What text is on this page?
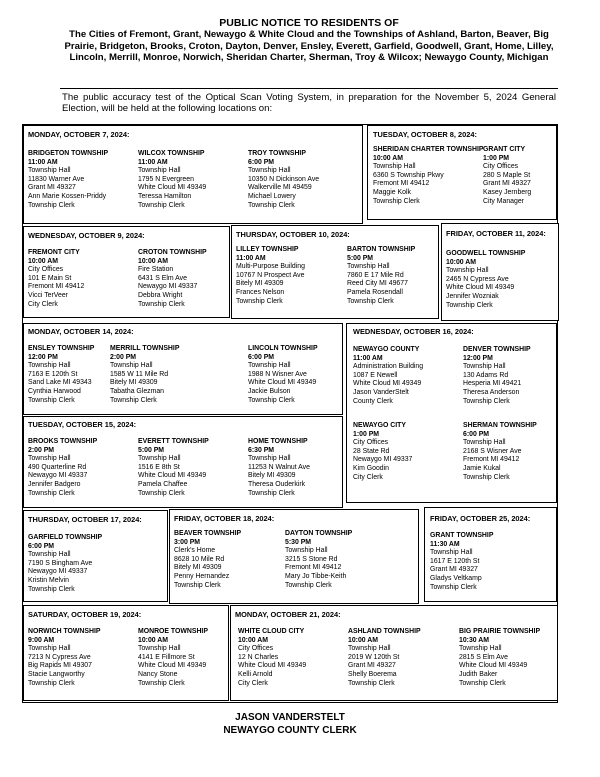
PUBLIC NOTICE TO RESIDENTS OF
The Cities of Fremont, Grant, Newaygo & White Cloud and the Townships of Ashland, Barton, Beaver, Big Prairie, Bridgeton, Brooks, Croton, Dayton, Denver, Ensley, Everett, Garfield, Goodwell, Grant, Home, Lilley, Lincoln, Merrill, Monroe, Norwich, Sheridan Charter, Sherman, Troy & Wilcox; Newaygo County, Michigan
The public accuracy test of the Optical Scan Voting System, in preparation for the November 5, 2024 General Election, will be held at the following locations on:
MONDAY, OCTOBER 7, 2024:
BRIDGETON TOWNSHIP
11:00 AM
Township Hall
11830 Warner Ave
Grant MI 49327
Ann Marie Kossen-Priddy
Township Clerk
WILCOX TOWNSHIP
11:00 AM
Township Hall
1795 N Evergreen
White Cloud MI 49349
Teressa Hamilton
Township Clerk
TROY TOWNSHIP
6:00 PM
Township Hall
10350 N Dickinson Ave
Walkerville MI 49459
Michael Lowery
Township Clerk
TUESDAY, OCTOBER 8, 2024:
SHERIDAN CHARTER TOWNSHIP
10:00 AM
Township Hall
6360 S Township Pkwy
Fremont MI 49412
Maggie Kolk
Township Clerk
GRANT CITY
1:00 PM
City Offices
280 S Maple St
Grant MI 49327
Kasey Jernberg
City Manager
WEDNESDAY, OCTOBER 9, 2024:
FREMONT CITY
10:00 AM
City Offices
101 E Main St
Fremont MI 49412
Vicci TerVeer
City Clerk
CROTON TOWNSHIP
10:00 AM
Fire Station
6431 S Elm Ave
Newaygo MI 49337
Debbra Wright
Township Clerk
THURSDAY, OCTOBER 10, 2024:
LILLEY TOWNSHIP
11:00 AM
Multi-Purpose Building
10767 N Prospect Ave
Bitely MI 49309
Frances Nelson
Township Clerk
BARTON TOWNSHIP
5:00 PM
Township Hall
7860 E 17 Mile Rd
Reed City MI 49677
Pamela Rosendall
Township Clerk
FRIDAY, OCTOBER 11, 2024:
GOODWELL TOWNSHIP
10:00 AM
Township Hall
2465 N Cypress Ave
White Cloud MI 49349
Jennifer Wozniak
Township Clerk
MONDAY, OCTOBER 14, 2024:
ENSLEY TOWNSHIP
12:00 PM
Township Hall
7163 E 120th St
Sand Lake MI 49343
Cynthia Harwood
Township Clerk
MERRILL TOWNSHIP
2:00 PM
Township Hall
1585 W 11 Mile Rd
Bitely MI 49309
Tabatha Glezman
Township Clerk
LINCOLN TOWNSHIP
6:00 PM
Township Hall
1988 N Wisner Ave
White Cloud MI 49349
Jackie Bulson
Township Clerk
WEDNESDAY, OCTOBER 16, 2024:
NEWAYGO COUNTY
11:00 AM
Administration Building
1087 E Newell
White Cloud MI 49349
Jason VanderStelt
County Clerk
DENVER TOWNSHIP
12:00 PM
Township Hall
130 Adams Rd
Hesperia MI 49421
Theresa Anderson
Township Clerk
NEWAYGO CITY
1:00 PM
City Offices
28 State Rd
Newaygo MI 49337
Kim Goodin
City Clerk
SHERMAN TOWNSHIP
6:00 PM
Township Hall
2168 S Wisner Ave
Fremont MI 49412
Jamie Kukal
Township Clerk
TUESDAY, OCTOBER 15, 2024:
BROOKS TOWNSHIP
2:00 PM
Township Hall
490 Quarterline Rd
Newaygo MI 49337
Jennifer Badgero
Township Clerk
EVERETT TOWNSHIP
5:00 PM
Township Hall
1516 E 8th St
White Cloud MI 49349
Pamela Chaffee
Township Clerk
HOME TOWNSHIP
6:30 PM
Township Hall
11253 N Walnut Ave
Bitely MI 49309
Theresa Ouderkirk
Township Clerk
THURSDAY, OCTOBER 17, 2024:
GARFIELD TOWNSHIP
6:00 PM
Township Hall
7190 S Bingham Ave
Newaygo MI 49337
Kristin Melvin
Township Clerk
FRIDAY, OCTOBER 18, 2024:
BEAVER TOWNSHIP
3:00 PM
Clerk's Home
8628 10 Mile Rd
Bitely MI 49309
Penny Hernandez
Township Clerk
DAYTON TOWNSHIP
5:30 PM
Township Hall
3215 S Stone Rd
Fremont MI 49412
Mary Jo Tibbe-Keith
Township Clerk
FRIDAY, OCTOBER 25, 2024:
GRANT TOWNSHIP
11:30 AM
Township Hall
1617 E 120th St
Grant MI 49327
Gladys Veltkamp
Township Clerk
SATURDAY, OCTOBER 19, 2024:
NORWICH TOWNSHIP
9:00 AM
Township Hall
7213 N Cypress Ave
Big Rapids MI 49307
Stacie Langworthy
Township Clerk
MONROE TOWNSHIP
10:00 AM
Township Hall
4141 E Fillmore St
White Cloud MI 49349
Nancy Stone
Township Clerk
MONDAY, OCTOBER 21, 2024:
WHITE CLOUD CITY
10:00 AM
City Offices
12 N Charles
White Cloud MI 49349
Kelli Arnold
City Clerk
ASHLAND TOWNSHIP
10:00 AM
Township Hall
2019 W 120th St
Grant MI 49327
Shelly Boerema
Township Clerk
BIG PRAIRIE TOWNSHIP
10:30 AM
Township Hall
2815 S Elm Ave
White Cloud MI 49349
Judith Baker
Township Clerk
JASON VANDERSTELT
NEWAYGO COUNTY CLERK
